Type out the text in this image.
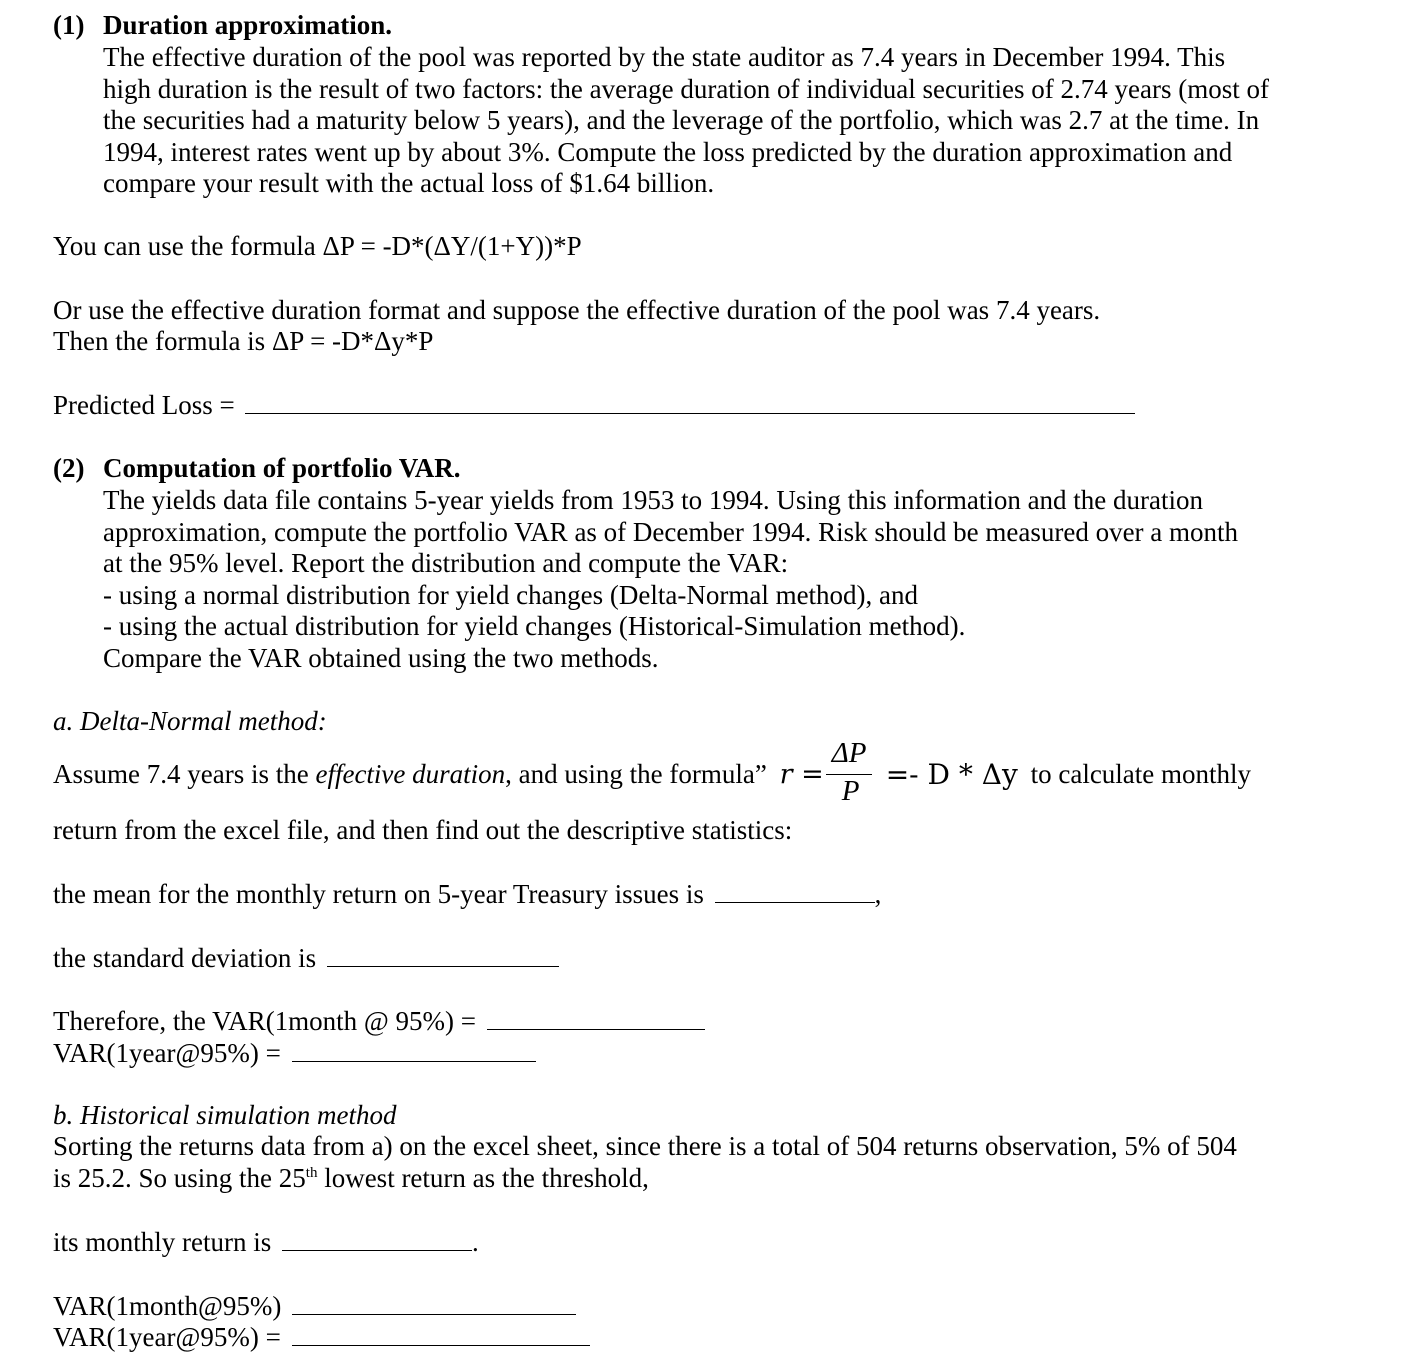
(1) Duration approximation.
The effective duration of the pool was reported by the state auditor as 7.4 years in December 1994. This
high duration is the result of two factors: the average duration of individual securities of 2.74 years (most of
the securities had a maturity below 5 years), and the leverage of the portfolio, which was 2.7 at the time. In
1994, interest rates went up by about 3%. Compute the loss predicted by the duration approximation and
compare your result with the actual loss of $1.64 billion.
You can use the formula ΔP = -D*(ΔY/(1+Y))*P
Or use the effective duration format and suppose the effective duration of the pool was 7.4 years.
Then the formula is ΔP = -D*Δy*P
Predicted Loss =
(2) Computation of portfolio VAR.
The yields data file contains 5-year yields from 1953 to 1994. Using this information and the duration
approximation, compute the portfolio VAR as of December 1994. Risk should be measured over a month
at the 95% level. Report the distribution and compute the VAR:
- using a normal distribution for yield changes (Delta-Normal method), and
- using the actual distribution for yield changes (Historical-Simulation method).
Compare the VAR obtained using the two methods.
a. Delta-Normal method:
Assume 7.4 years is the effective duration, and using the formula” $r = \frac{\Delta P}{P} =- D * \Delta y$ to calculate monthly
return from the excel file, and then find out the descriptive statistics:
the mean for the monthly return on 5-year Treasury issues is	,
the standard deviation is
Therefore, the VAR(1month @ 95%) =
VAR(1year@95%) =
b. Historical simulation method
Sorting the returns data from a) on the excel sheet, since there is a total of 504 returns observation, 5% of 504
is 25.2. So using the 25th lowest return as the threshold,
its monthly return is	.
VAR(1month@95%)
VAR(1year@95%) =
